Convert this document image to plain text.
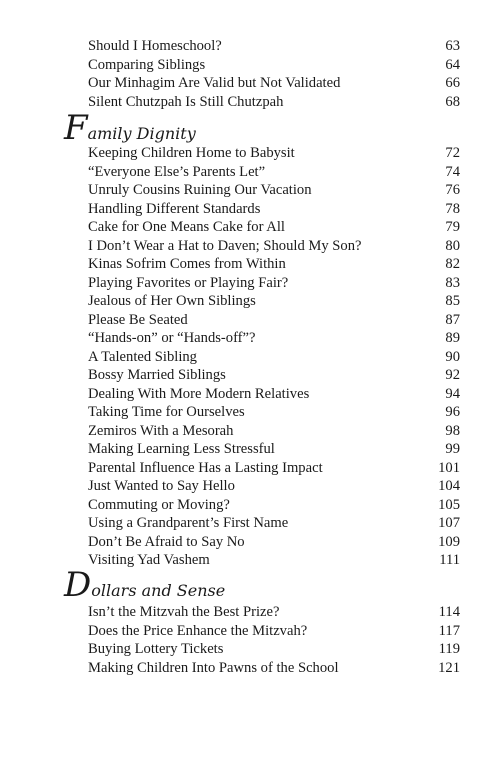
Should I Homeschool?	63
Comparing Siblings	64
Our Minhagim Are Valid but Not Validated	66
Silent Chutzpah Is Still Chutzpah	68
Family Dignity
Keeping Children Home to Babysit	72
“Everyone Else’s Parents Let”	74
Unruly Cousins Ruining Our Vacation	76
Handling Different Standards	78
Cake for One Means Cake for All	79
I Don’t Wear a Hat to Daven; Should My Son?	80
Kinas Sofrim Comes from Within	82
Playing Favorites or Playing Fair?	83
Jealous of Her Own Siblings	85
Please Be Seated	87
“Hands-on” or “Hands-off”?	89
A Talented Sibling	90
Bossy Married Siblings	92
Dealing With More Modern Relatives	94
Taking Time for Ourselves	96
Zemiros With a Mesorah	98
Making Learning Less Stressful	99
Parental Influence Has a Lasting Impact	101
Just Wanted to Say Hello	104
Commuting or Moving?	105
Using a Grandparent’s First Name	107
Don’t Be Afraid to Say No	109
Visiting Yad Vashem	111
Dollars and Sense
Isn’t the Mitzvah the Best Prize?	114
Does the Price Enhance the Mitzvah?	117
Buying Lottery Tickets	119
Making Children Into Pawns of the School	121
